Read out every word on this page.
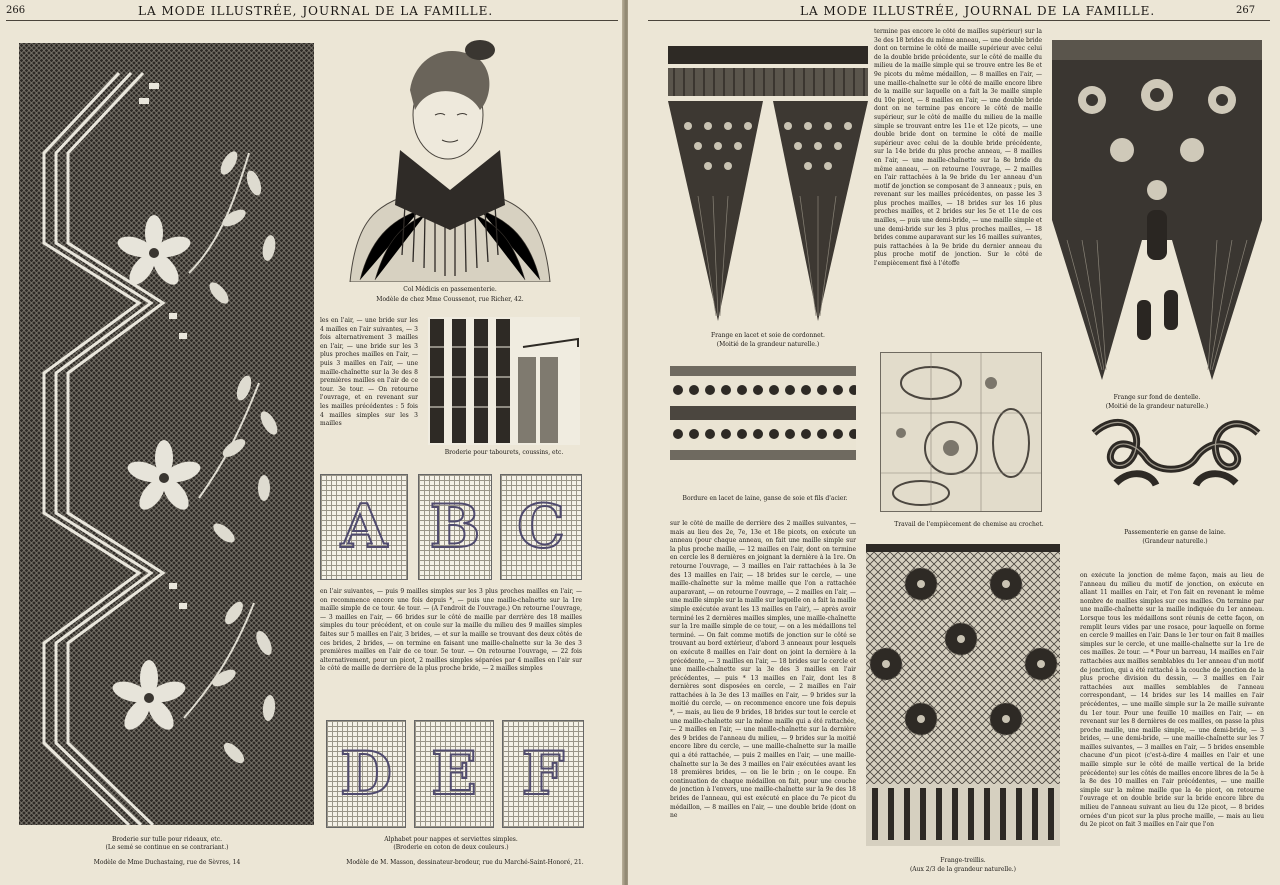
266	LA MODE ILLUSTRÉE, JOURNAL DE LA FAMILLE.
Broderie sur tulle pour rideaux, etc.
(Le semé se continue en se contrariant.)
Modèle de Mme Duchastaing, rue de Sèvres, 14
Col Médicis en passementerie.
Modèle de chez Mme Coussenot, rue Richer, 42.
les en l'air, — une bride sur les 4 mailles en l'air suivantes, — 3 fois alternativement 3 mailles en l'air, — une bride sur les 3 plus proches mailles en l'air, — puis 3 mailles en l'air, — une maille-chaînette sur la 3e des 8 premières mailles en l'air de ce tour. 3e tour. — On retourne l'ouvrage, et en revenant sur les mailles précédentes : 5 fois 4 mailles simples sur les 3 mailles
Broderie pour tabourets, coussins, etc.
A B C
en l'air suivantes, — puis 9 mailles simples sur les 3 plus proches mailles en l'air, — on recommence encore une fois depuis *, — puis une maille-chaînette sur la 1re maille simple de ce tour. 4e tour. — (A l'endroit de l'ouvrage.) On retourne l'ouvrage, — 3 mailles en l'air, — 66 brides sur le côté de maille par derrière des 18 mailles simples du tour précédent, et on coule sur la maille du milieu des 9 mailles simples faites sur 5 mailles en l'air, 3 brides, — et sur la maille se trouvant des deux côtés de ces brides, 2 brides, — on termine en faisant une maille-chaînette sur la 3e des 3 premières mailles en l'air de ce tour. 5e tour. — On retourne l'ouvrage, — 22 fois alternativement, pour un picot, 2 mailles simples séparées par 4 mailles en l'air sur le côté de maille de derrière de la plus proche bride, — 2 mailles simples
D E F
Alphabet pour nappes et serviettes simples.
(Broderie en coton de deux couleurs.)
Modèle de M. Masson, dessinateur-brodeur, rue du Marché-Saint-Honoré, 21.
LA MODE ILLUSTRÉE, JOURNAL DE LA FAMILLE.	267
Frange en lacet et soie de cordonnet.
(Moitié de la grandeur naturelle.)
termine pas encore le côté de mailles supérieur) sur la 3e des 18 brides du même anneau, — une double bride dont on termine le côté de maille supérieur avec celui de la double bride précédente, sur le côté de maille du milieu de la maille simple qui se trouve entre les 8e et 9e picots du même médaillon, — 8 mailles en l'air, — une maille-chaînette sur le côté de maille encore libre de la maille sur laquelle on a fait la 3e maille simple du 10e picot, — 8 mailles en l'air, — une double bride dont on ne termine pas encore le côté de maille supérieur, sur le côté de maille du milieu de la maille simple se trouvant entre les 11e et 12e picots, — une double bride dont on termine le côté de maille supérieur avec celui de la double bride précédente, sur la 14e bride du plus proche anneau, — 8 mailles en l'air, — une maille-chaînette sur la 8e bride du même anneau, — on retourne l'ouvrage, — 2 mailles en l'air rattachées à la 9e bride du 1er anneau d'un motif de jonction se composant de 3 anneaux ; puis, en revenant sur les mailles précédentes, on passe les 3 plus proches mailles, — 18 brides sur les 16 plus proches mailles, et 2 brides sur les 5e et 11e de ces mailles, — puis une demi-bride, — une maille simple et une demi-bride sur les 3 plus proches mailles, — 18 brides comme auparavant sur les 16 mailles suivantes, puis rattachées à la 9e bride du dernier anneau du plus proche motif de jonction. Sur le côté de l'empiècement fixé à l'étoffe
Frange sur fond de dentelle.
(Moitié de la grandeur naturelle.)
Bordure en lacet de laine, ganse de soie et fils d'acier.
Travail de l'empiècement de chemise au crochet.
Passementerie en ganse de laine.
(Grandeur naturelle.)
sur le côté de maille de derrière des 2 mailles suivantes, — mais au lieu des 2e, 7e, 13e et 18e picots, on exécute un anneau (pour chaque anneau, on fait une maille simple sur la plus proche maille, — 12 mailles en l'air, dont on termine en cercle les 8 dernières en joignant la dernière à la 1re. On retourne l'ouvrage, — 3 mailles en l'air rattachées à la 3e des 13 mailles en l'air, — 18 brides sur le cercle, — une maille-chaînette sur la même maille que l'on a rattachée auparavant, — on retourne l'ouvrage, — 2 mailles en l'air, — une maille simple sur la maille sur laquelle on a fait la maille simple exécutée avant les 13 mailles en l'air), — après avoir terminé les 2 dernières mailles simples, une maille-chaînette sur la 1re maille simple de ce tour, — on a les médaillons tel terminé. — On fait comme motifs de jonction sur le côté se trouvant au bord extérieur, d'abord 3 anneaux pour lesquels on exécute 8 mailles en l'air dont on joint la dernière à la précédente, — 3 mailles en l'air, — 18 brides sur le cercle et une maille-chaînette sur la 3e des 3 mailles en l'air précédentes, — puis * 13 mailles en l'air, dont les 8 dernières sont disposées en cercle, — 2 mailles en l'air rattachées à la 3e des 13 mailles en l'air, — 9 brides sur la moitié du cercle, — on recommence encore une fois depuis *, — mais, au lieu de 9 brides, 18 brides sur tout le cercle et une maille-chaînette sur la même maille qui a été rattachée, — 2 mailles en l'air, — une maille-chaînette sur la dernière des 9 brides de l'anneau du milieu, — 9 brides sur la moitié encore libre du cercle, — une maille-chaînette sur la maille qui a été rattachée, — puis 2 mailles en l'air, — une maille-chaînette sur la 3e des 3 mailles en l'air exécutées avant les 18 premières brides, — on lie le brin ; on le coupe. En continuation de chaque médaillon on fait, pour une couche de jonction à l'envers, une maille-chaînette sur la 9e des 18 brides de l'anneau, qui est exécuté en place du 7e picot du médaillon, — 8 mailles en l'air, — une double bride (dont on ne
Frange-treillis.
(Aux 2/3 de la grandeur naturelle.)
on exécute la jonction de même façon, mais au lieu de l'anneau du milieu du motif de jonction, on exécute en allant 11 mailles en l'air, et l'on fait en revenant le même nombre de mailles simples sur ces mailles. On termine par une maille-chaînette sur la maille indiquée du 1er anneau. Lorsque tous les médaillons sont réunis de cette façon, on remplit leurs vides par une rosace, pour laquelle on forme en cercle 9 mailles en l'air. Dans le 1er tour on fait 8 mailles simples sur le cercle, et une maille-chaînette sur la 1re de ces mailles. 2e tour. — * Pour un barreau, 14 mailles en l'air rattachées aux mailles semblables du 1er anneau d'un motif de jonction, qui a été rattaché à la couche de jonction de la plus proche division du dessin, — 3 mailles en l'air rattachées aux mailles semblables de l'anneau correspondant, — 14 brides sur les 14 mailles en l'air précédentes, — une maille simple sur la 2e maille suivante du 1er tour. Pour une feuille 10 mailles en l'air, — en revenant sur les 8 dernières de ces mailles, on passe la plus proche maille, une maille simple, — une demi-bride, — 3 brides, — une demi-bride, — une maille-chaînette sur les 7 mailles suivantes, — 3 mailles en l'air, — 5 brides ensemble chacune d'un picot (c'est-à-dire 4 mailles en l'air et une maille simple sur le côté de maille vertical de la bride précédente) sur les côtés de mailles encore libres de la 5e à la 8e des 10 mailles en l'air précédentes, — une maille simple sur la même maille que la 4e picot, on retourne l'ouvrage et on double bride sur la bride encore libre du milieu de l'anneau suivant au lieu du 12e picot, — 8 brides ornées d'un picot sur la plus proche maille, — mais au lieu du 2e picot on fait 3 mailles en l'air que l'on
